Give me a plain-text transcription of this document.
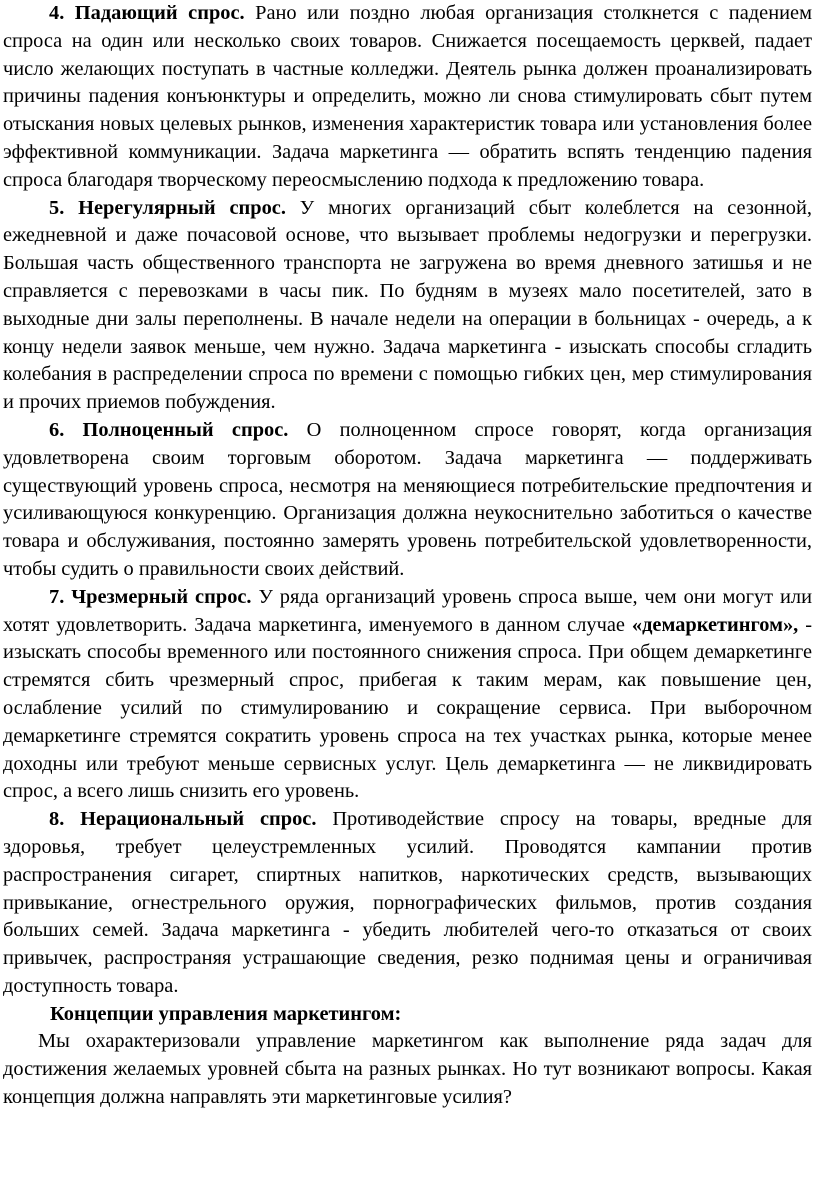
4. Падающий спрос. Рано или поздно любая организация столкнется с падением спроса на один или несколько своих товаров. Снижается посещаемость церквей, падает число желающих поступать в частные колледжи. Деятель рынка должен проанализировать причины падения конъюнктуры и определить, можно ли снова стимулировать сбыт путем отыскания новых целевых рынков, изменения характеристик товара или установления более эффективной коммуникации. Задача маркетинга — обратить вспять тенденцию падения спроса благодаря творческому переосмыслению подхода к предложению товара.

5. Нерегулярный спрос. У многих организаций сбыт колеблется на сезонной, ежедневной и даже почасовой основе, что вызывает проблемы недогрузки и перегрузки. Большая часть общественного транспорта не загружена во время дневного затишья и не справляется с перевозками в часы пик. По будням в музеях мало посетителей, зато в выходные дни залы переполнены. В начале недели на операции в больницах - очередь, а к концу недели заявок меньше, чем нужно. Задача маркетинга - изыскать способы сгладить колебания в распределении спроса по времени с помощью гибких цен, мер стимулирования и прочих приемов побуждения.

6. Полноценный спрос. О полноценном спросе говорят, когда организация удовлетворена своим торговым оборотом. Задача маркетинга — поддерживать существующий уровень спроса, несмотря на меняющиеся потребительские предпочтения и усиливающуюся конкуренцию. Организация должна неукоснительно заботиться о качестве товара и обслуживания, постоянно замерять уровень потребительской удовлетворенности, чтобы судить о правильности своих действий.

7. Чрезмерный спрос. У ряда организаций уровень спроса выше, чем они могут или хотят удовлетворить. Задача маркетинга, именуемого в данном случае «демаркетингом», - изыскать способы временного или постоянного снижения спроса. При общем демаркетинге стремятся сбить чрезмерный спрос, прибегая к таким мерам, как повышение цен, ослабление усилий по стимулированию и сокращение сервиса. При выборочном демаркетинге стремятся сократить уровень спроса на тех участках рынка, которые менее доходны или требуют меньше сервисных услуг. Цель демаркетинга — не ликвидировать спрос, а всего лишь снизить его уровень.

8. Нерациональный спрос. Противодействие спросу на товары, вредные для здоровья, требует целеустремленных усилий. Проводятся кампании против распространения сигарет, спиртных напитков, наркотических средств, вызывающих привыкание, огнестрельного оружия, порнографических фильмов, против создания больших семей. Задача маркетинга - убедить любителей чего-то отказаться от своих привычек, распространяя устрашающие сведения, резко поднимая цены и ограничивая доступность товара.

Концепции управления маркетингом:

Мы охарактеризовали управление маркетингом как выполнение ряда задач для достижения желаемых уровней сбыта на разных рынках. Но тут возникают вопросы. Какая концепция должна направлять эти маркетинговые усилия?
